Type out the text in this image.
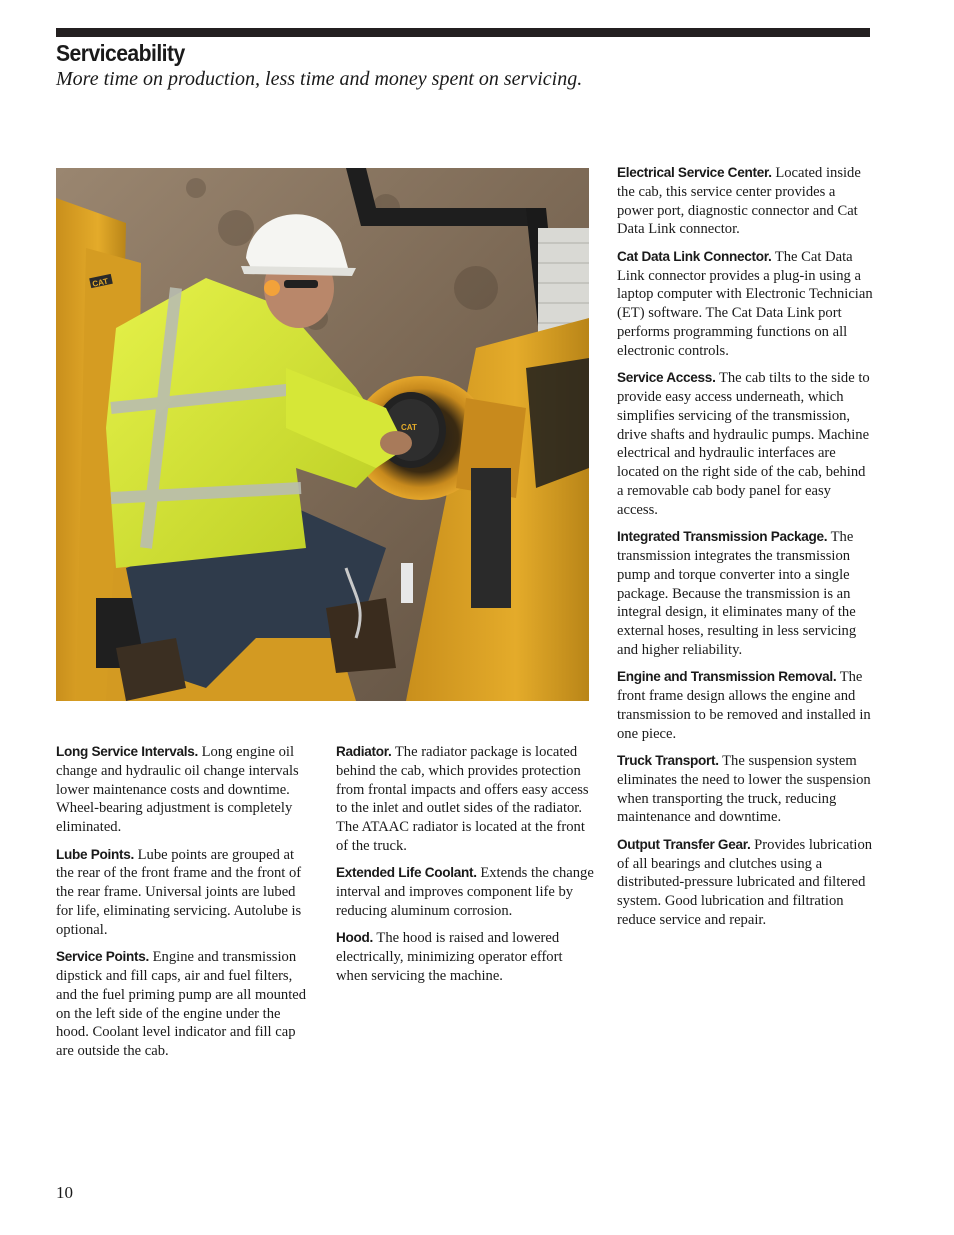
Serviceability
More time on production, less time and money spent on servicing.
CAT
CAT

Long Service Intervals. Long engine oil change and hydraulic oil change intervals lower maintenance costs and downtime. Wheel-bearing adjustment is completely eliminated.

Lube Points. Lube points are grouped at the rear of the front frame and the front of the rear frame. Universal joints are lubed for life, eliminating servicing. Autolube is optional.

Service Points. Engine and transmission dipstick and fill caps, air and fuel filters, and the fuel priming pump are all mounted on the left side of the engine under the hood. Coolant level indicator and fill cap are outside the cab.

Radiator. The radiator package is located behind the cab, which provides protection from frontal impacts and offers easy access to the inlet and outlet sides of the radiator. The ATAAC radiator is located at the front of the truck.

Extended Life Coolant. Extends the change interval and improves component life by reducing aluminum corrosion.

Hood. The hood is raised and lowered electrically, minimizing operator effort when servicing the machine.

Electrical Service Center. Located inside the cab, this service center provides a power port, diagnostic connector and Cat Data Link connector.

Cat Data Link Connector. The Cat Data Link connector provides a plug-in using a laptop computer with Electronic Technician (ET) software. The Cat Data Link port performs programming functions on all electronic controls.

Service Access. The cab tilts to the side to provide easy access underneath, which simplifies servicing of the transmission, drive shafts and hydraulic pumps. Machine electrical and hydraulic interfaces are located on the right side of the cab, behind a removable cab body panel for easy access.

Integrated Transmission Package. The transmission integrates the transmission pump and torque converter into a single package. Because the transmission is an integral design, it eliminates many of the external hoses, resulting in less servicing and higher reliability.

Engine and Transmission Removal. The front frame design allows the engine and transmission to be removed and installed in one piece.

Truck Transport. The suspension system eliminates the need to lower the suspension when transporting the truck, reducing maintenance and downtime.

Output Transfer Gear. Provides lubrication of all bearings and clutches using a distributed-pressure lubricated and filtered system. Good lubrication and filtration reduce service and repair.

10
